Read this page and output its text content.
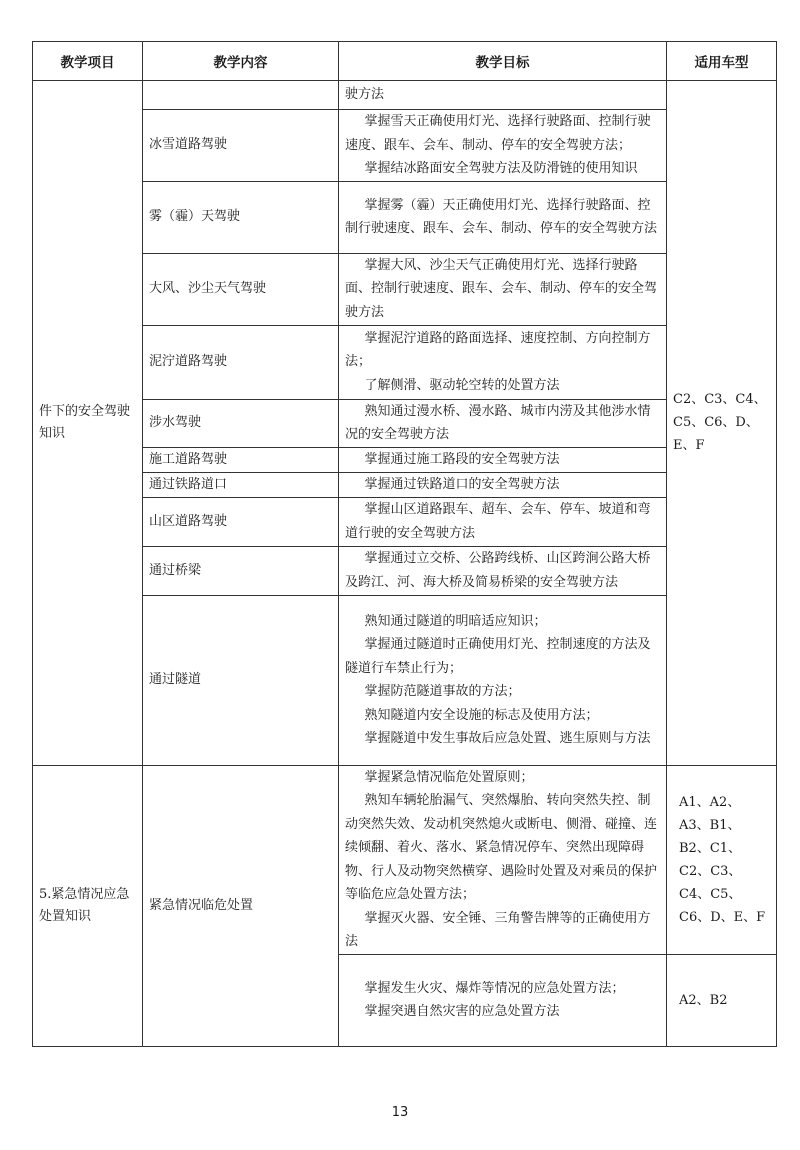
教学项目	教学内容	教学目标	适用车型
件下的安全驾驶知识		驶方法	C2、C3、C4、C5、C6、D、E、F
	冰雪道路驾驶	掌握雪天正确使用灯光、选择行驶路面、控制行驶速度、跟车、会车、制动、停车的安全驾驶方法；
掌握结冰路面安全驾驶方法及防滑链的使用知识	

	雾（霾）天驾驶	掌握雾（霾）天正确使用灯光、选择行驶路面、控制行驶速度、跟车、会车、制动、停车的安全驾驶方法	

	大风、沙尘天气驾驶	掌握大风、沙尘天气正确使用灯光、选择行驶路面、控制行驶速度、跟车、会车、制动、停车的安全驾驶方法	

	泥泞道路驾驶	掌握泥泞道路的路面选择、速度控制、方向控制方法；
了解侧滑、驱动轮空转的处置方法	

	涉水驾驶	熟知通过漫水桥、漫水路、城市内涝及其他涉水情况的安全驾驶方法	

	施工道路驾驶	掌握通过施工路段的安全驾驶方法	

	通过铁路道口	掌握通过铁路道口的安全驾驶方法	

	山区道路驾驶	掌握山区道路跟车、超车、会车、停车、坡道和弯道行驶的安全驾驶方法	

	通过桥梁	掌握通过立交桥、公路跨线桥、山区跨涧公路大桥及跨江、河、海大桥及简易桥梁的安全驾驶方法	

	通过隧道	熟知通过隧道的明暗适应知识；
掌握通过隧道时正确使用灯光、控制速度的方法及隧道行车禁止行为；
掌握防范隧道事故的方法；
熟知隧道内安全设施的标志及使用方法；
掌握隧道中发生事故后应急处置、逃生原则与方法	

5.紧急情况应急处置知识	紧急情况临危处置	掌握紧急情况临危处置原则；
熟知车辆轮胎漏气、突然爆胎、转向突然失控、制动突然失效、发动机突然熄火或断电、侧滑、碰撞、连续倾翻、着火、落水、紧急情况停车、突然出现障碍物、行人及动物突然横穿、遇险时处置及对乘员的保护等临危应急处置方法；
掌握灭火器、安全锤、三角警告牌等的正确使用方法	A1、A2、A3、B1、B2、C1、C2、C3、C4、C5、C6、D、E、F

		掌握发生火灾、爆炸等情况的应急处置方法；
掌握突遇自然灾害的应急处置方法	A2、B2
13
